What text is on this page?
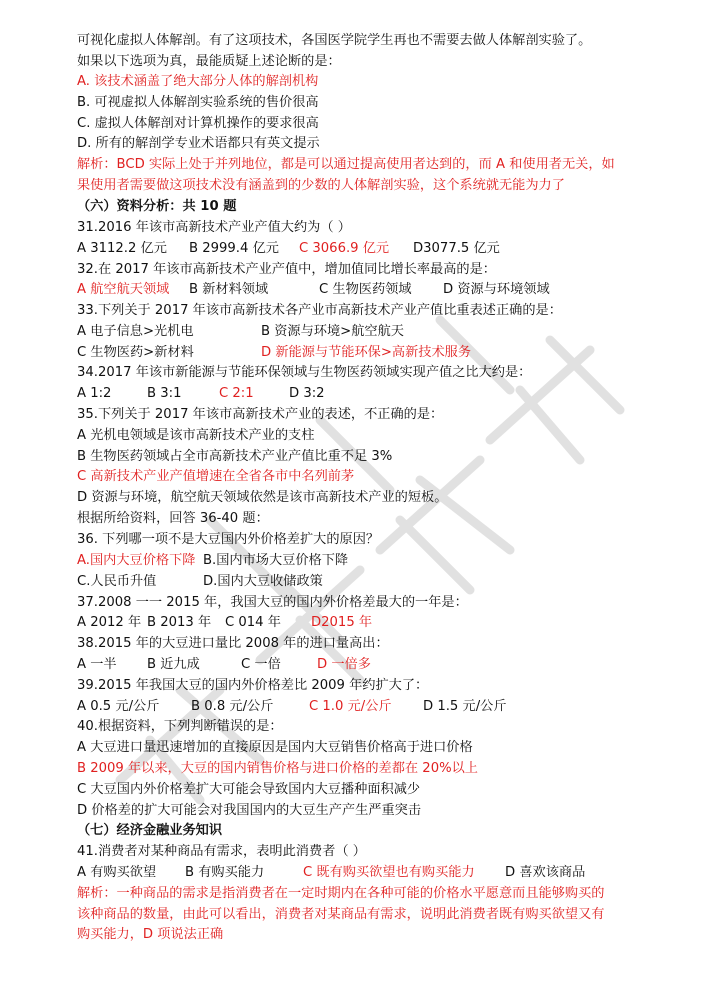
可视化虚拟人体解剖。有了这项技术，各国医学院学生再也不需要去做人体解剖实验了。
如果以下选项为真，最能质疑上述论断的是：
A. 该技术涵盖了绝大部分人体的解剖机构
B. 可视虚拟人体解剖实验系统的售价很高
C. 虚拟人体解剖对计算机操作的要求很高
D. 所有的解剖学专业术语都只有英文提示
解析：BCD 实际上处于并列地位，都是可以通过提高使用者达到的，而 A 和使用者无关，如
果使用者需要做这项技术没有涵盖到的少数的人体解剖实验，这个系统就无能为力了
（六）资料分析：共 10 题
31.2016 年该市高新技术产业产值大约为（ ）
A 3112.2 亿元 B 2999.4 亿元 C 3066.9 亿元 D3077.5 亿元
32.在 2017 年该市高新技术产业产值中，增加值同比增长率最高的是：
A 航空航天领域 B 新材料领域	C 生物医药领域 D 资源与环境领域
33.下列关于 2017 年该市高新技术各产业市高新技术产业产值比重表述正确的是：
A 电子信息>光机电	B 资源与环境>航空航天
C 生物医药>新材料	D 新能源与节能环保>高新技术服务
34.2017 年该市新能源与节能环保领域与生物医药领域实现产值之比大约是：
A 1:2	B 3:1	C 2:1	D 3:2
35.下列关于 2017 年该市高新技术产业的表述，不正确的是：
A 光机电领域是该市高新技术产业的支柱
B 生物医药领域占全市高新技术产业产值比重不足 3%
C 高新技术产业产值增速在全省各市中名列前茅
D 资源与环境，航空航天领域依然是该市高新技术产业的短板。
根据所给资料，回答 36-40 题：
36. 下列哪一项不是大豆国内外价格差扩大的原因？
A.国内大豆价格下降 B.国内市场大豆价格下降
C.人民币升值	D.国内大豆收储政策
37.2008 一一 2015 年，我国大豆的国内外价格差最大的一年是：
A 2012 年 B 2013 年 C 014 年 D2015 年
38.2015 年的大豆进口量比 2008 年的进口量高出：
A 一半 B 近九成	C 一倍	D 一倍多
39.2015 年我国大豆的国内外价格差比 2009 年约扩大了：
A 0.5 元/公斤 B 0.8 元/公斤	C 1.0 元/公斤 D 1.5 元/公斤
40.根据资料，下列判断错误的是：
A 大豆进口量迅速增加的直接原因是国内大豆销售价格高于进口价格
B 2009 年以来，大豆的国内销售价格与进口价格的差都在 20%以上
C 大豆国内外价格差扩大可能会导致国内大豆播种面积减少
D 价格差的扩大可能会对我国国内的大豆生产产生严重突击
（七）经济金融业务知识
41.消费者对某种商品有需求，表明此消费者（ ）
A 有购买欲望 B 有购买能力	C 既有购买欲望也有购买能力 D 喜欢该商品
解析：一种商品的需求是指消费者在一定时期内在各种可能的价格水平愿意而且能够购买的
该种商品的数量，由此可以看出，消费者对某商品有需求，说明此消费者既有购买欲望又有
购买能力，D 项说法正确
